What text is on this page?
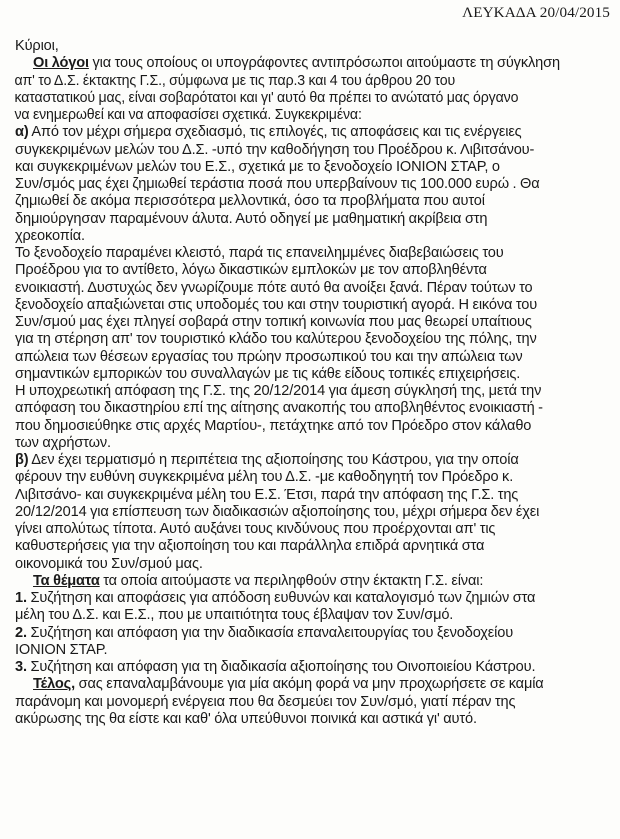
ΛΕΥΚΑΔΑ 20/04/2015

Κύριοι,

Οι λόγοι για τους οποίους οι υπογράφοντες αντιπρόσωποι αιτούμαστε τη σύγκληση
απ' το Δ.Σ. έκτακτης Γ.Σ., σύμφωνα με τις παρ.3 και 4 του άρθρου 20 του
καταστατικού μας, είναι σοβαρότατοι και γι' αυτό θα πρέπει το ανώτατό μας όργανο
να ενημερωθεί και να αποφασίσει σχετικά. Συγκεκριμένα:

α) Από τον μέχρι σήμερα σχεδιασμό, τις επιλογές, τις αποφάσεις και τις ενέργειες
συγκεκριμένων μελών του Δ.Σ. -υπό την καθοδήγηση του Προέδρου κ. Λιβιτσάνου-
και συγκεκριμένων μελών του Ε.Σ., σχετικά με το ξενοδοχείο ΙΟΝΙΟΝ ΣΤΑΡ, ο
Συν/σμός μας έχει ζημιωθεί τεράστια ποσά που υπερβαίνουν τις 100.000 ευρώ . Θα
ζημιωθεί δε ακόμα περισσότερα μελλοντικά, όσο τα προβλήματα που αυτοί
δημιούργησαν παραμένουν άλυτα. Αυτό οδηγεί με μαθηματική ακρίβεια στη
χρεοκοπία.

Το ξενοδοχείο παραμένει κλειστό, παρά τις επανειλημμένες διαβεβαιώσεις του
Προέδρου για το αντίθετο, λόγω δικαστικών εμπλοκών με τον αποβληθέντα
ενοικιαστή. Δυστυχώς δεν γνωρίζουμε πότε αυτό θα ανοίξει ξανά. Πέραν τούτων το
ξενοδοχείο απαξιώνεται στις υποδομές του και στην τουριστική αγορά. Η εικόνα του
Συν/σμού μας έχει πληγεί σοβαρά στην τοπική κοινωνία που μας θεωρεί υπαίτιους
για τη στέρηση απ' τον τουριστικό κλάδο του καλύτερου ξενοδοχείου της πόλης, την
απώλεια των θέσεων εργασίας του πρώην προσωπικού του και την απώλεια των
σημαντικών εμπορικών του συναλλαγών με τις κάθε είδους τοπικές επιχειρήσεις.
Η υποχρεωτική απόφαση της Γ.Σ. της 20/12/2014 για άμεση σύγκλησή της, μετά την
απόφαση του δικαστηρίου επί της αίτησης ανακοπής του αποβληθέντος ενοικιαστή -
που δημοσιεύθηκε στις αρχές Μαρτίου-, πετάχτηκε από τον Πρόεδρο στον κάλαθο
των αχρήστων.

β) Δεν έχει τερματισμό η περιπέτεια της αξιοποίησης του Κάστρου, για την οποία
φέρουν την ευθύνη συγκεκριμένα μέλη του Δ.Σ. -με καθοδηγητή τον Πρόεδρο κ.
Λιβιτσάνο- και συγκεκριμένα μέλη του Ε.Σ. Έτσι, παρά την απόφαση της Γ.Σ. της
20/12/2014 για επίσπευση των διαδικασιών αξιοποίησης του, μέχρι σήμερα δεν έχει
γίνει απολύτως τίποτα. Αυτό αυξάνει τους κινδύνους που προέρχονται απ' τις
καθυστερήσεις για την αξιοποίηση του και παράλληλα επιδρά αρνητικά στα
οικονομικά του Συν/σμού μας.

Τα θέματα τα οποία αιτούμαστε να περιληφθούν στην έκτακτη Γ.Σ. είναι:
1. Συζήτηση και αποφάσεις για απόδοση ευθυνών και καταλογισμό των ζημιών στα
μέλη του Δ.Σ. και Ε.Σ., που με υπαιτιότητα τους έβλαψαν τον Συν/σμό.
2. Συζήτηση και απόφαση για την διαδικασία επαναλειτουργίας του ξενοδοχείου
ΙΟΝΙΟΝ ΣΤΑΡ.
3. Συζήτηση και απόφαση για τη διαδικασία αξιοποίησης του Οινοποιείου Κάστρου.

Τέλος, σας επαναλαμβάνουμε για μία ακόμη φορά να μην προχωρήσετε σε καμία
παράνομη και μονομερή ενέργεια που θα δεσμεύει τον Συν/σμό, γιατί πέραν της
ακύρωσης της θα είστε και καθ' όλα υπεύθυνοι ποινικά και αστικά γι' αυτό.
